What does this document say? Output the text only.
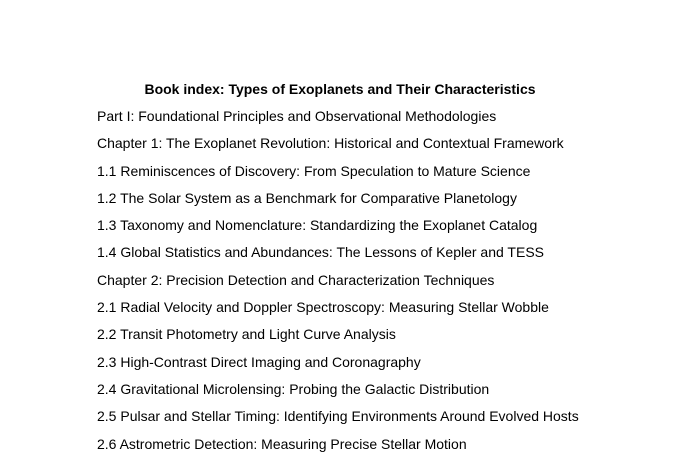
Book index: Types of Exoplanets and Their Characteristics
Part I: Foundational Principles and Observational Methodologies
Chapter 1: The Exoplanet Revolution: Historical and Contextual Framework
1.1 Reminiscences of Discovery: From Speculation to Mature Science
1.2 The Solar System as a Benchmark for Comparative Planetology
1.3 Taxonomy and Nomenclature: Standardizing the Exoplanet Catalog
1.4 Global Statistics and Abundances: The Lessons of Kepler and TESS
Chapter 2: Precision Detection and Characterization Techniques
2.1 Radial Velocity and Doppler Spectroscopy: Measuring Stellar Wobble
2.2 Transit Photometry and Light Curve Analysis
2.3 High-Contrast Direct Imaging and Coronagraphy
2.4 Gravitational Microlensing: Probing the Galactic Distribution
2.5 Pulsar and Stellar Timing: Identifying Environments Around Evolved Hosts
2.6 Astrometric Detection: Measuring Precise Stellar Motion
